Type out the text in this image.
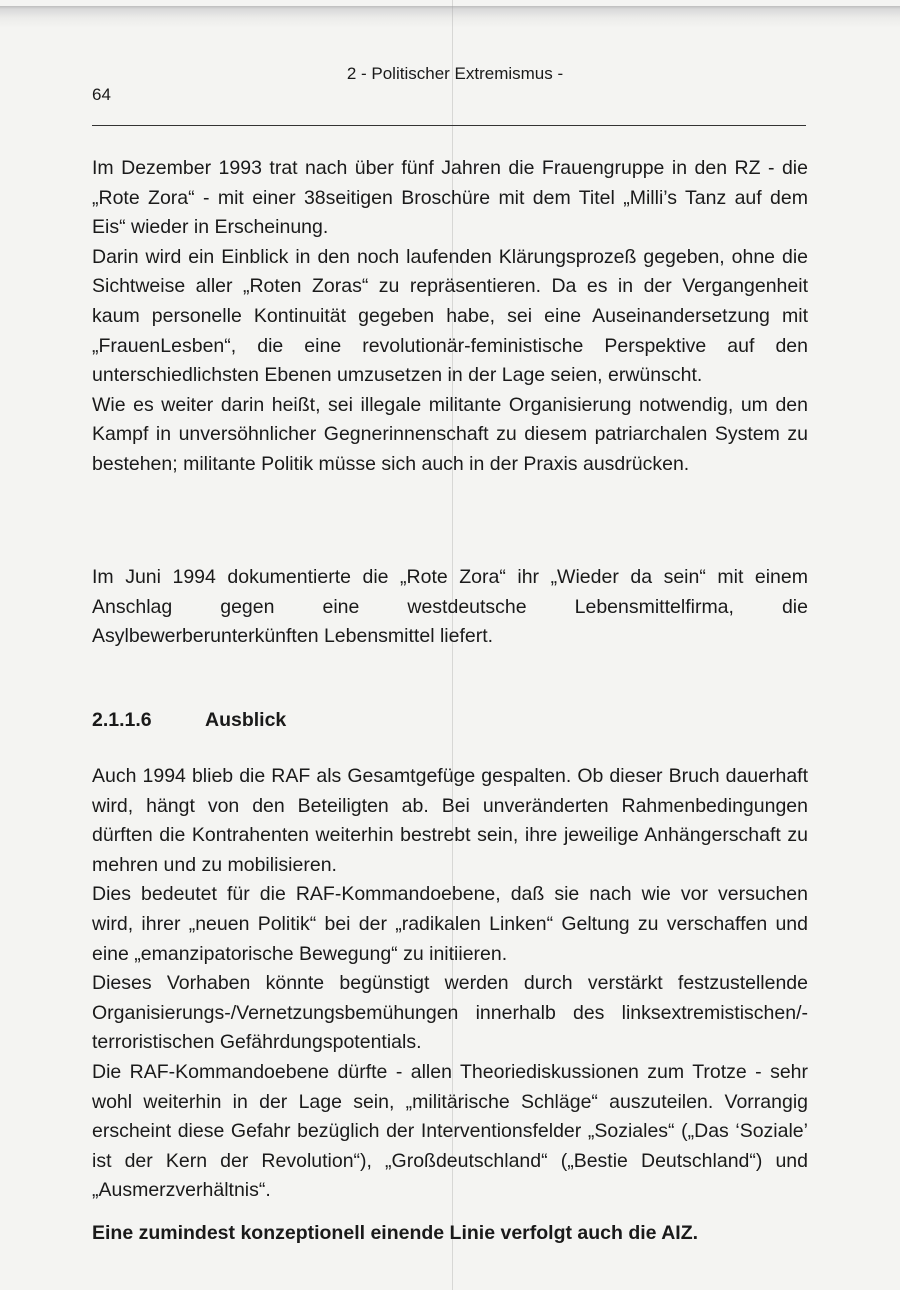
2 - Politischer Extremismus -
64

Im Dezember 1993 trat nach über fünf Jahren die Frauengruppe in den RZ - die „Rote Zora“ - mit einer 38seitigen Broschüre mit dem Titel „Milli’s Tanz auf dem Eis“ wieder in Erscheinung.

Darin wird ein Einblick in den noch laufenden Klärungsprozeß gegeben, ohne die Sichtweise aller „Roten Zoras“ zu repräsentieren. Da es in der Vergangenheit kaum personelle Kontinuität gegeben habe, sei eine Auseinandersetzung mit „FrauenLesben“, die eine revolutionär-feministische Perspektive auf den unterschiedlichsten Ebenen umzusetzen in der Lage seien, erwünscht.

Wie es weiter darin heißt, sei illegale militante Organisierung notwendig, um den Kampf in unversöhnlicher Gegnerinnenschaft zu diesem patriarchalen System zu bestehen; militante Politik müsse sich auch in der Praxis ausdrücken.

Im Juni 1994 dokumentierte die „Rote Zora“ ihr „Wieder da sein“ mit einem Anschlag gegen eine westdeutsche Lebensmittelfirma, die Asylbewerberunterkünften Lebensmittel liefert.

2.1.1.6	Ausblick

Auch 1994 blieb die RAF als Gesamtgefüge gespalten. Ob dieser Bruch dauerhaft wird, hängt von den Beteiligten ab. Bei unveränderten Rahmenbedingungen dürften die Kontrahenten weiterhin bestrebt sein, ihre jeweilige Anhängerschaft zu mehren und zu mobilisieren.

Dies bedeutet für die RAF-Kommandoebene, daß sie nach wie vor versuchen wird, ihrer „neuen Politik“ bei der „radikalen Linken“ Geltung zu verschaffen und eine „emanzipatorische Bewegung“ zu initiieren.

Dieses Vorhaben könnte begünstigt werden durch verstärkt festzustellende Organisierungs-/Vernetzungsbemühungen innerhalb des linksextremistischen/-terroristischen Gefährdungspotentials.

Die RAF-Kommandoebene dürfte - allen Theoriediskussionen zum Trotze - sehr wohl weiterhin in der Lage sein, „militärische Schläge“ auszuteilen. Vorrangig erscheint diese Gefahr bezüglich der Interventionsfelder „Soziales“ („Das ‘Soziale’ ist der Kern der Revolution“), „Großdeutschland“ („Bestie Deutschland“) und „Ausmerzverhältnis“.

Eine zumindest konzeptionell einende Linie verfolgt auch die AIZ.
